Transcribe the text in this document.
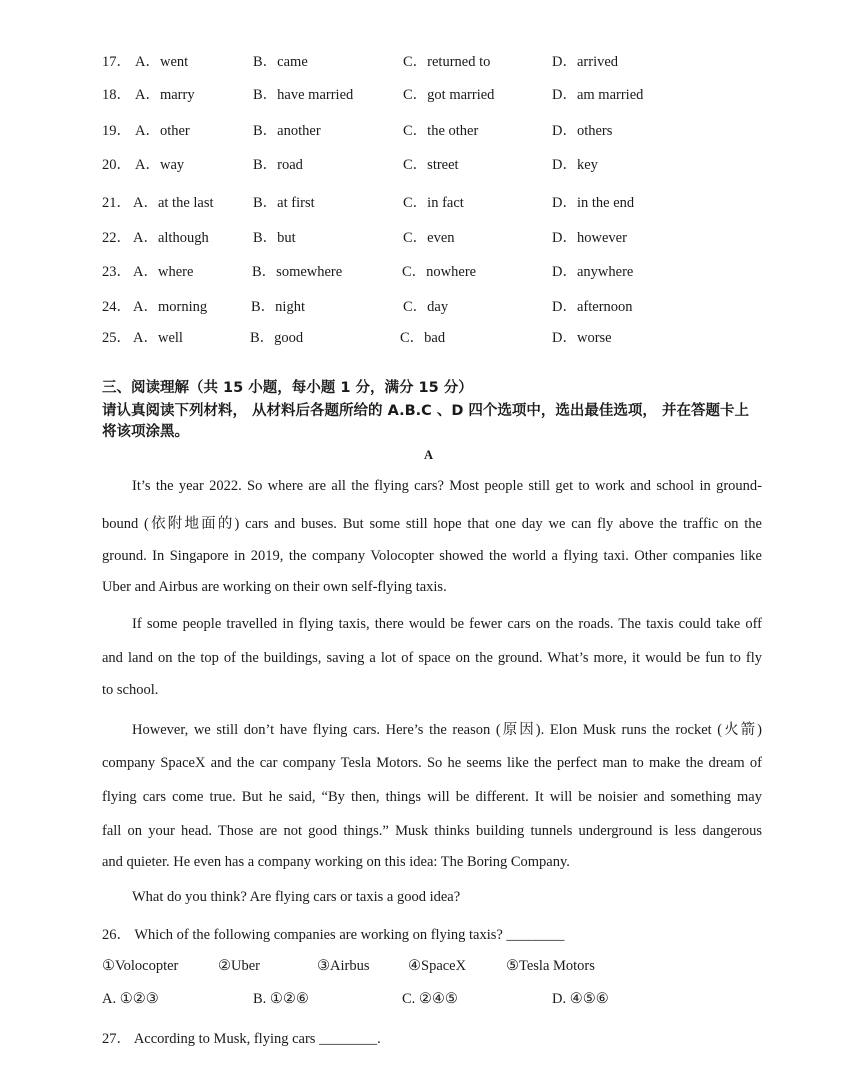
17． A．went	B．came	C．returned to	D．arrived
18． A．marry	B．have married	C．got married	D．am married
19． A．other	B．another	C．the other	D．others
20． A．way	B．road	C．street	D．key
21． A．at the last	B．at first	C．in fact	D．in the end
22． A．although	B．but	C．even	D．however
23． A．where	B．somewhere	C．nowhere	D．anywhere
24． A．morning	B．night	C．day	D．afternoon
25． A．well	B．good	C．bad	D．worse
三、阅读理解（共 15 小题，每小题 1 分，满分 15 分）
请认真阅读下列材料， 从材料后各题所给的 A.B.C 、D 四个选项中，选出最佳选项， 并在答题卡上将该项涂黑。
A
It’s the year 2022. So where are all the flying cars? Most people still get to work and school in ground-
bound (依附地面的) cars and buses. But some still hope that one day we can fly above the traffic on the
ground. In Singapore in 2019, the company Volocopter showed the world a flying taxi. Other companies like
Uber and Airbus are working on their own self-flying taxis.
If some people travelled in flying taxis, there would be fewer cars on the roads. The taxis could take off
and land on the top of the buildings, saving a lot of space on the ground. What’s more, it would be fun to fly
to school.
However, we still don’t have flying cars. Here’s the reason (原因). Elon Musk runs the rocket (火箭)
company SpaceX and the car company Tesla Motors. So he seems like the perfect man to make the dream of
flying cars come true. But he said, “By then, things will be different. It will be noisier and something may
fall on your head. Those are not good things.” Musk thinks building tunnels underground is less dangerous
and quieter. He even has a company working on this idea: The Boring Company.
What do you think? Are flying cars or taxis a good idea?
26． Which of the following companies are working on flying taxis? ________
①Volocopter	②Uber	③Airbus	④SpaceX	⑤Tesla Motors
A. ①②③	B. ①②⑥	C. ②④⑤	D. ④⑤⑥
27． According to Musk, flying cars ________.
